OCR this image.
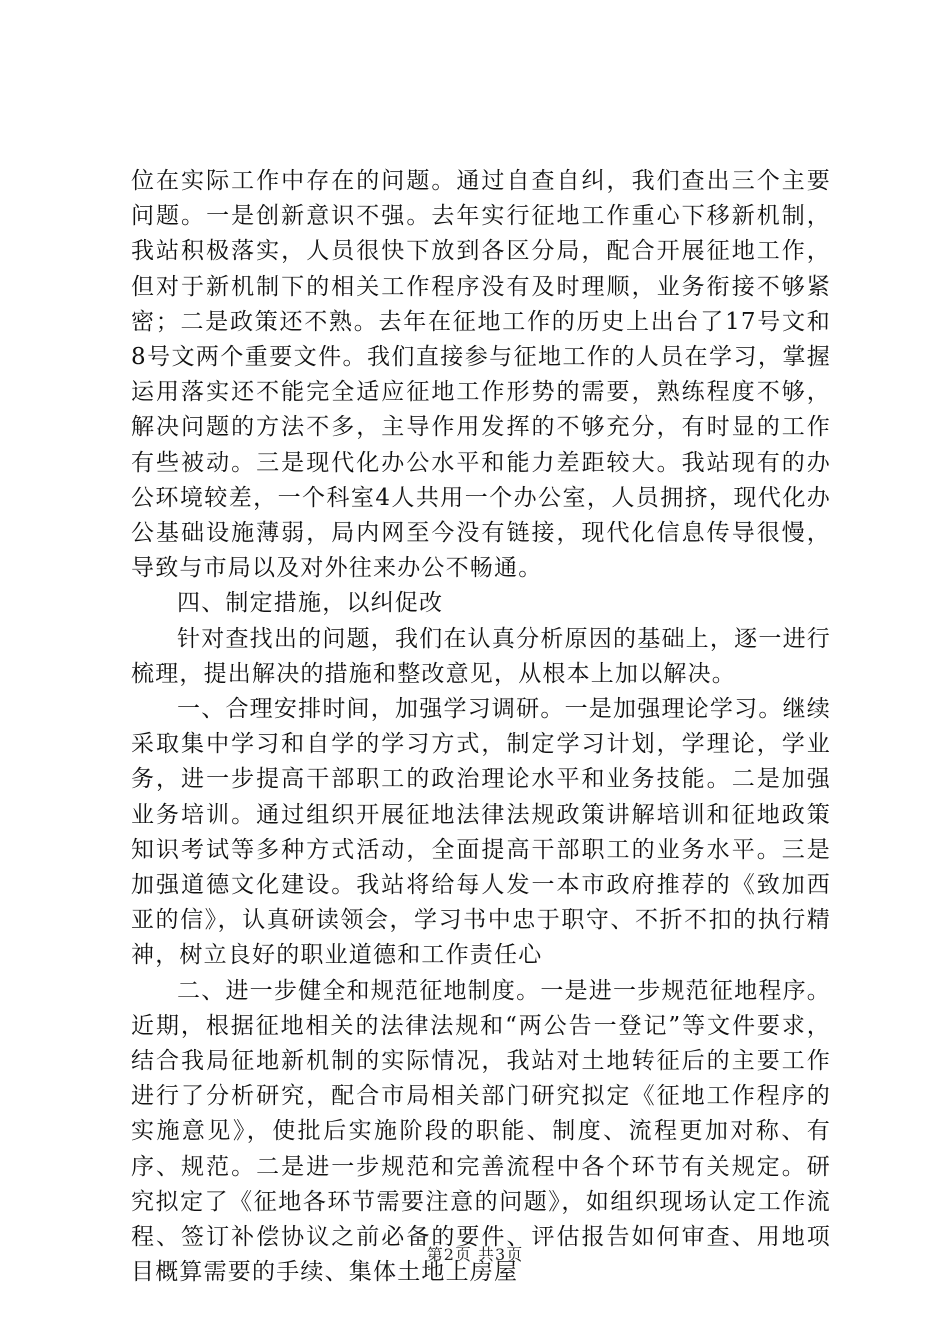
位在实际工作中存在的问题。通过自查自纠，我们查出三个主要问题。一是创新意识不强。去年实行征地工作重心下移新机制，我站积极落实，人员很快下放到各区分局，配合开展征地工作，但对于新机制下的相关工作程序没有及时理顺，业务衔接不够紧密；二是政策还不熟。去年在征地工作的历史上出台了17号文和8号文两个重要文件。我们直接参与征地工作的人员在学习，掌握运用落实还不能完全适应征地工作形势的需要，熟练程度不够，解决问题的方法不多，主导作用发挥的不够充分，有时显的工作有些被动。三是现代化办公水平和能力差距较大。我站现有的办公环境较差，一个科室4人共用一个办公室，人员拥挤，现代化办公基础设施薄弱，局内网至今没有链接，现代化信息传导很慢，导致与市局以及对外往来办公不畅通。

四、制定措施，以纠促改

针对查找出的问题，我们在认真分析原因的基础上，逐一进行梳理，提出解决的措施和整改意见，从根本上加以解决。

一、合理安排时间，加强学习调研。一是加强理论学习。继续采取集中学习和自学的学习方式，制定学习计划，学理论，学业务，进一步提高干部职工的政治理论水平和业务技能。二是加强业务培训。通过组织开展征地法律法规政策讲解培训和征地政策知识考试等多种方式活动，全面提高干部职工的业务水平。三是加强道德文化建设。我站将给每人发一本市政府推荐的《致加西亚的信》，认真研读领会，学习书中忠于职守、不折不扣的执行精神，树立良好的职业道德和工作责任心

二、进一步健全和规范征地制度。一是进一步规范征地程序。近期，根据征地相关的法律法规和“两公告一登记”等文件要求，结合我局征地新机制的实际情况，我站对土地转征后的主要工作进行了分析研究，配合市局相关部门研究拟定《征地工作程序的实施意见》，使批后实施阶段的职能、制度、流程更加对称、有序、规范。二是进一步规范和完善流程中各个环节有关规定。研究拟定了《征地各环节需要注意的问题》，如组织现场认定工作流程、签订补偿协议之前必备的要件、评估报告如何审查、用地项目概算需要的手续、集体土地上房屋

第2页 共3页
